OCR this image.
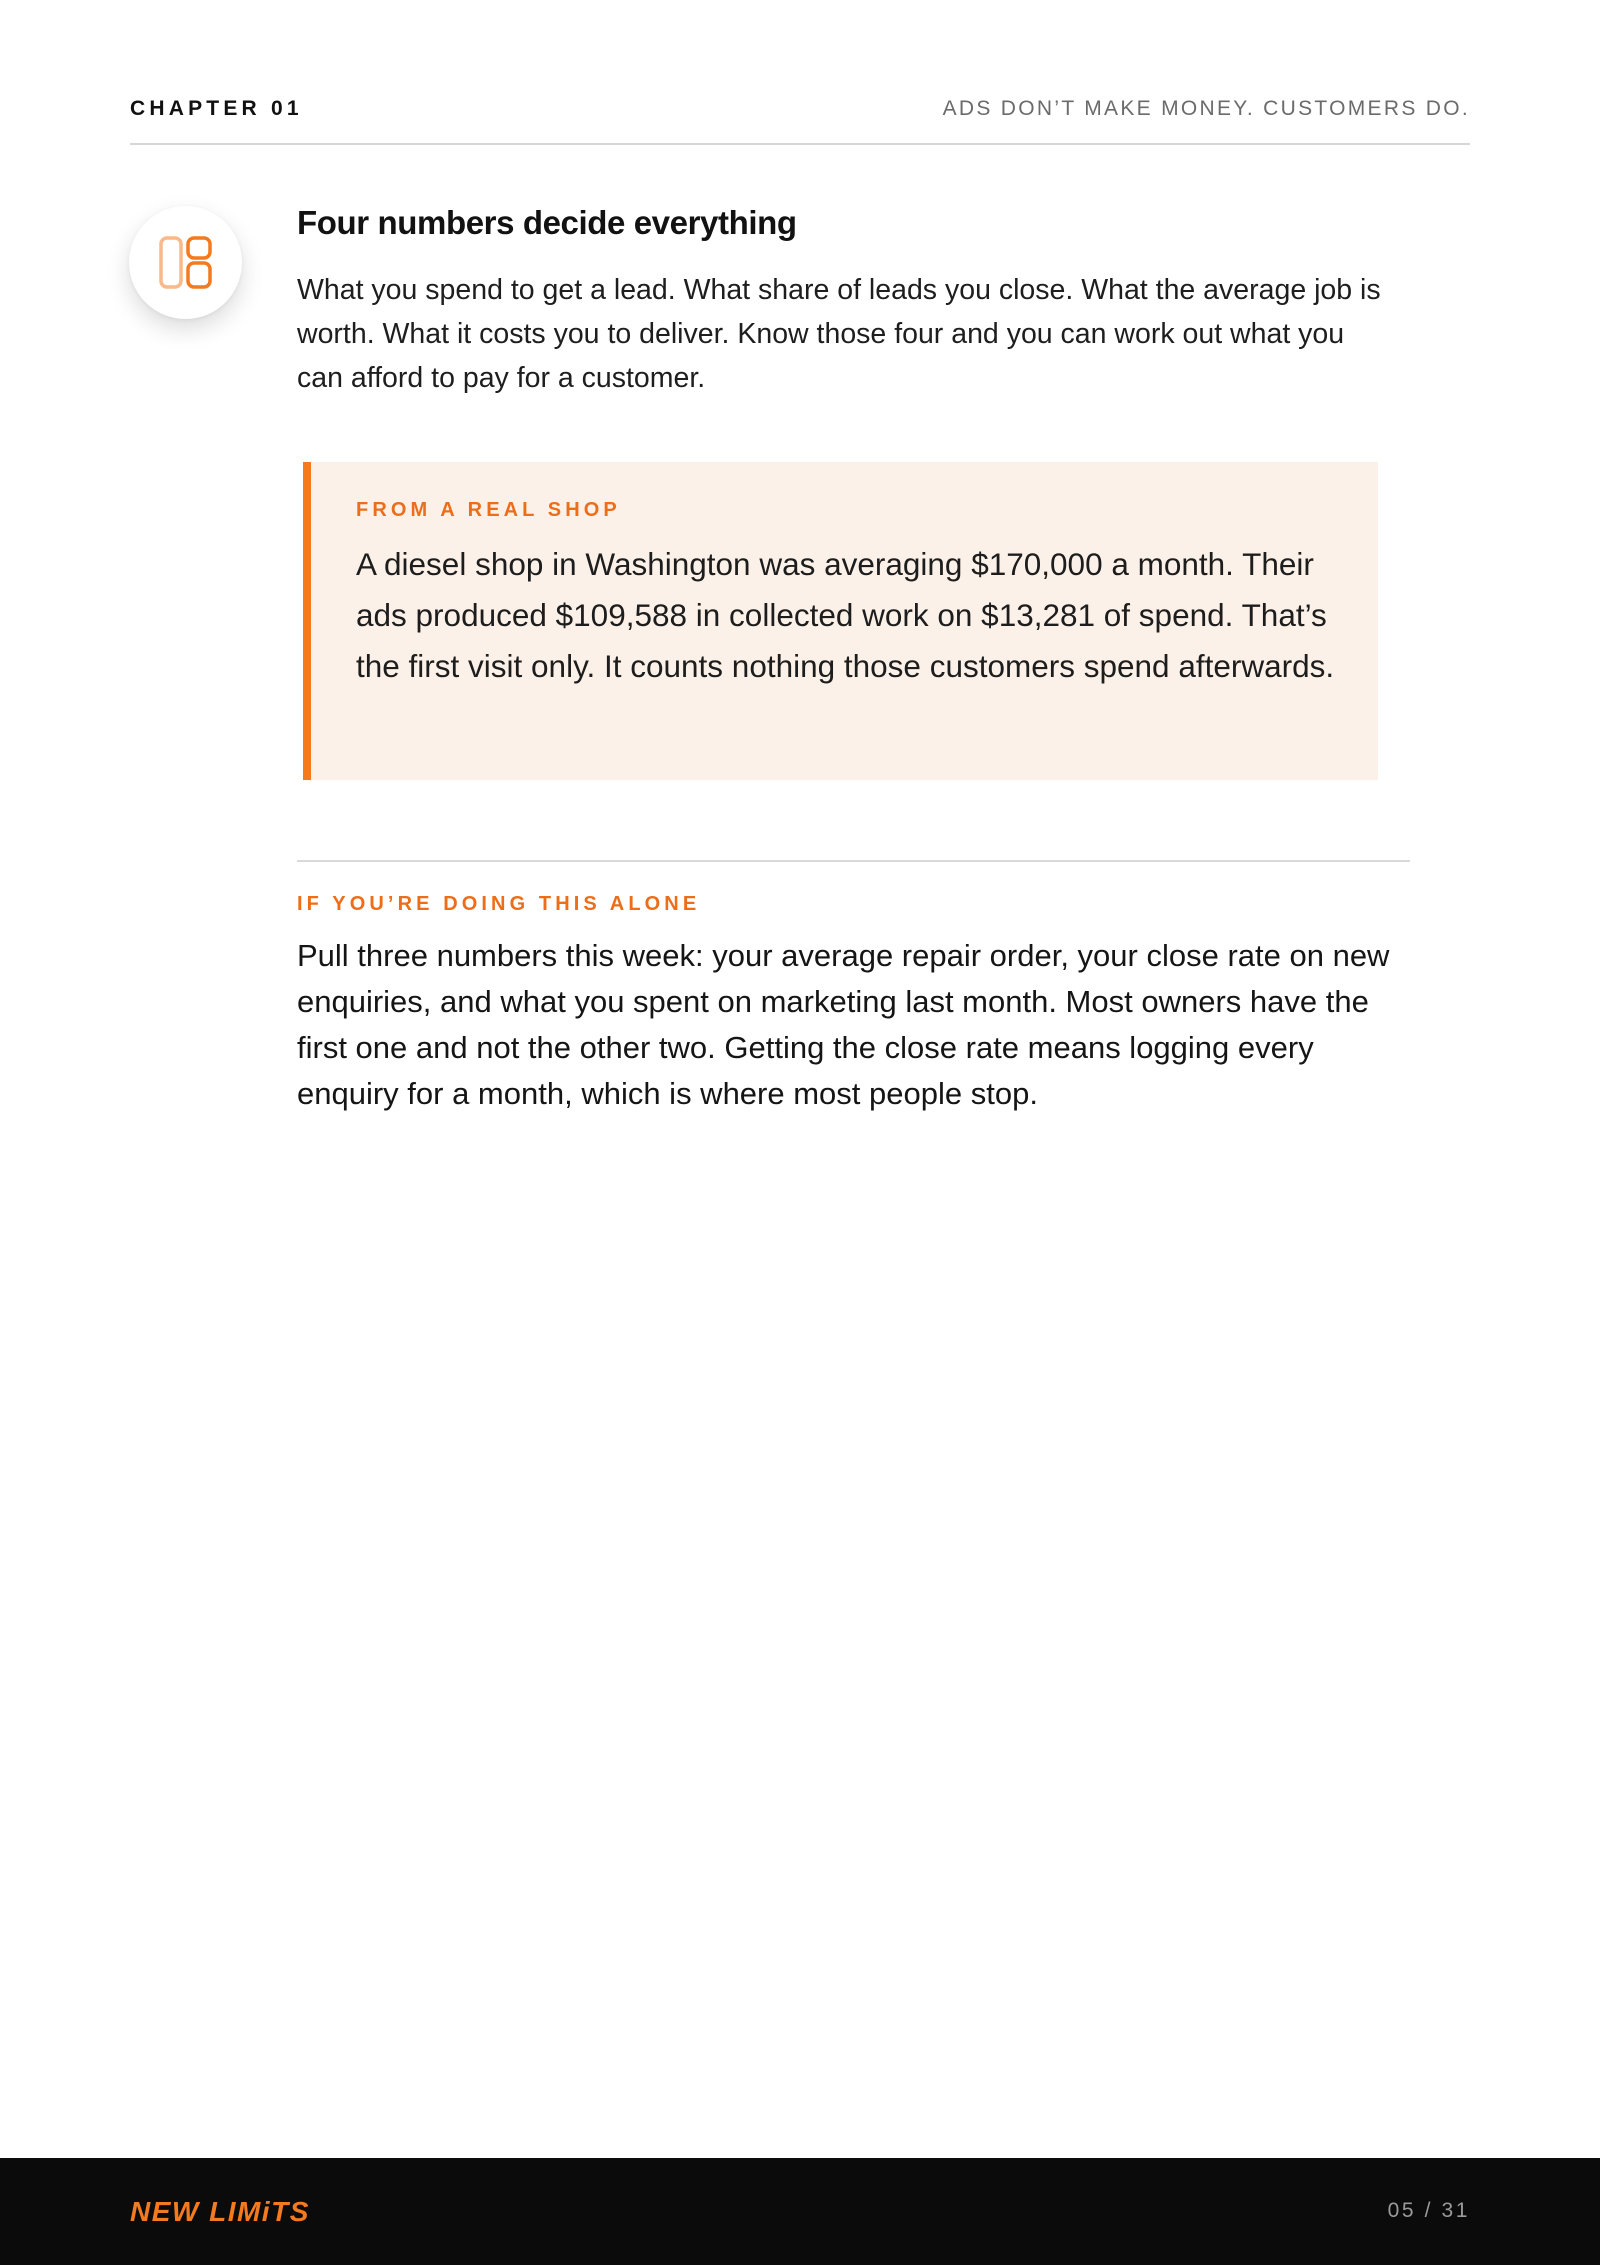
CHAPTER 01	ADS DON’T MAKE MONEY. CUSTOMERS DO.
Four numbers decide everything

What you spend to get a lead. What share of leads you close. What the average job is worth. What it costs you to deliver. Know those four and you can work out what you can afford to pay for a customer.

FROM A REAL SHOP

A diesel shop in Washington was averaging $170,000 a month. Their ads produced $109,588 in collected work on $13,281 of spend. That’s the first visit only. It counts nothing those customers spend afterwards.

IF YOU’RE DOING THIS ALONE

Pull three numbers this week: your average repair order, your close rate on new enquiries, and what you spent on marketing last month. Most owners have the first one and not the other two. Getting the close rate means logging every enquiry for a month, which is where most people stop.

NEW LIMiTS	05 / 31
